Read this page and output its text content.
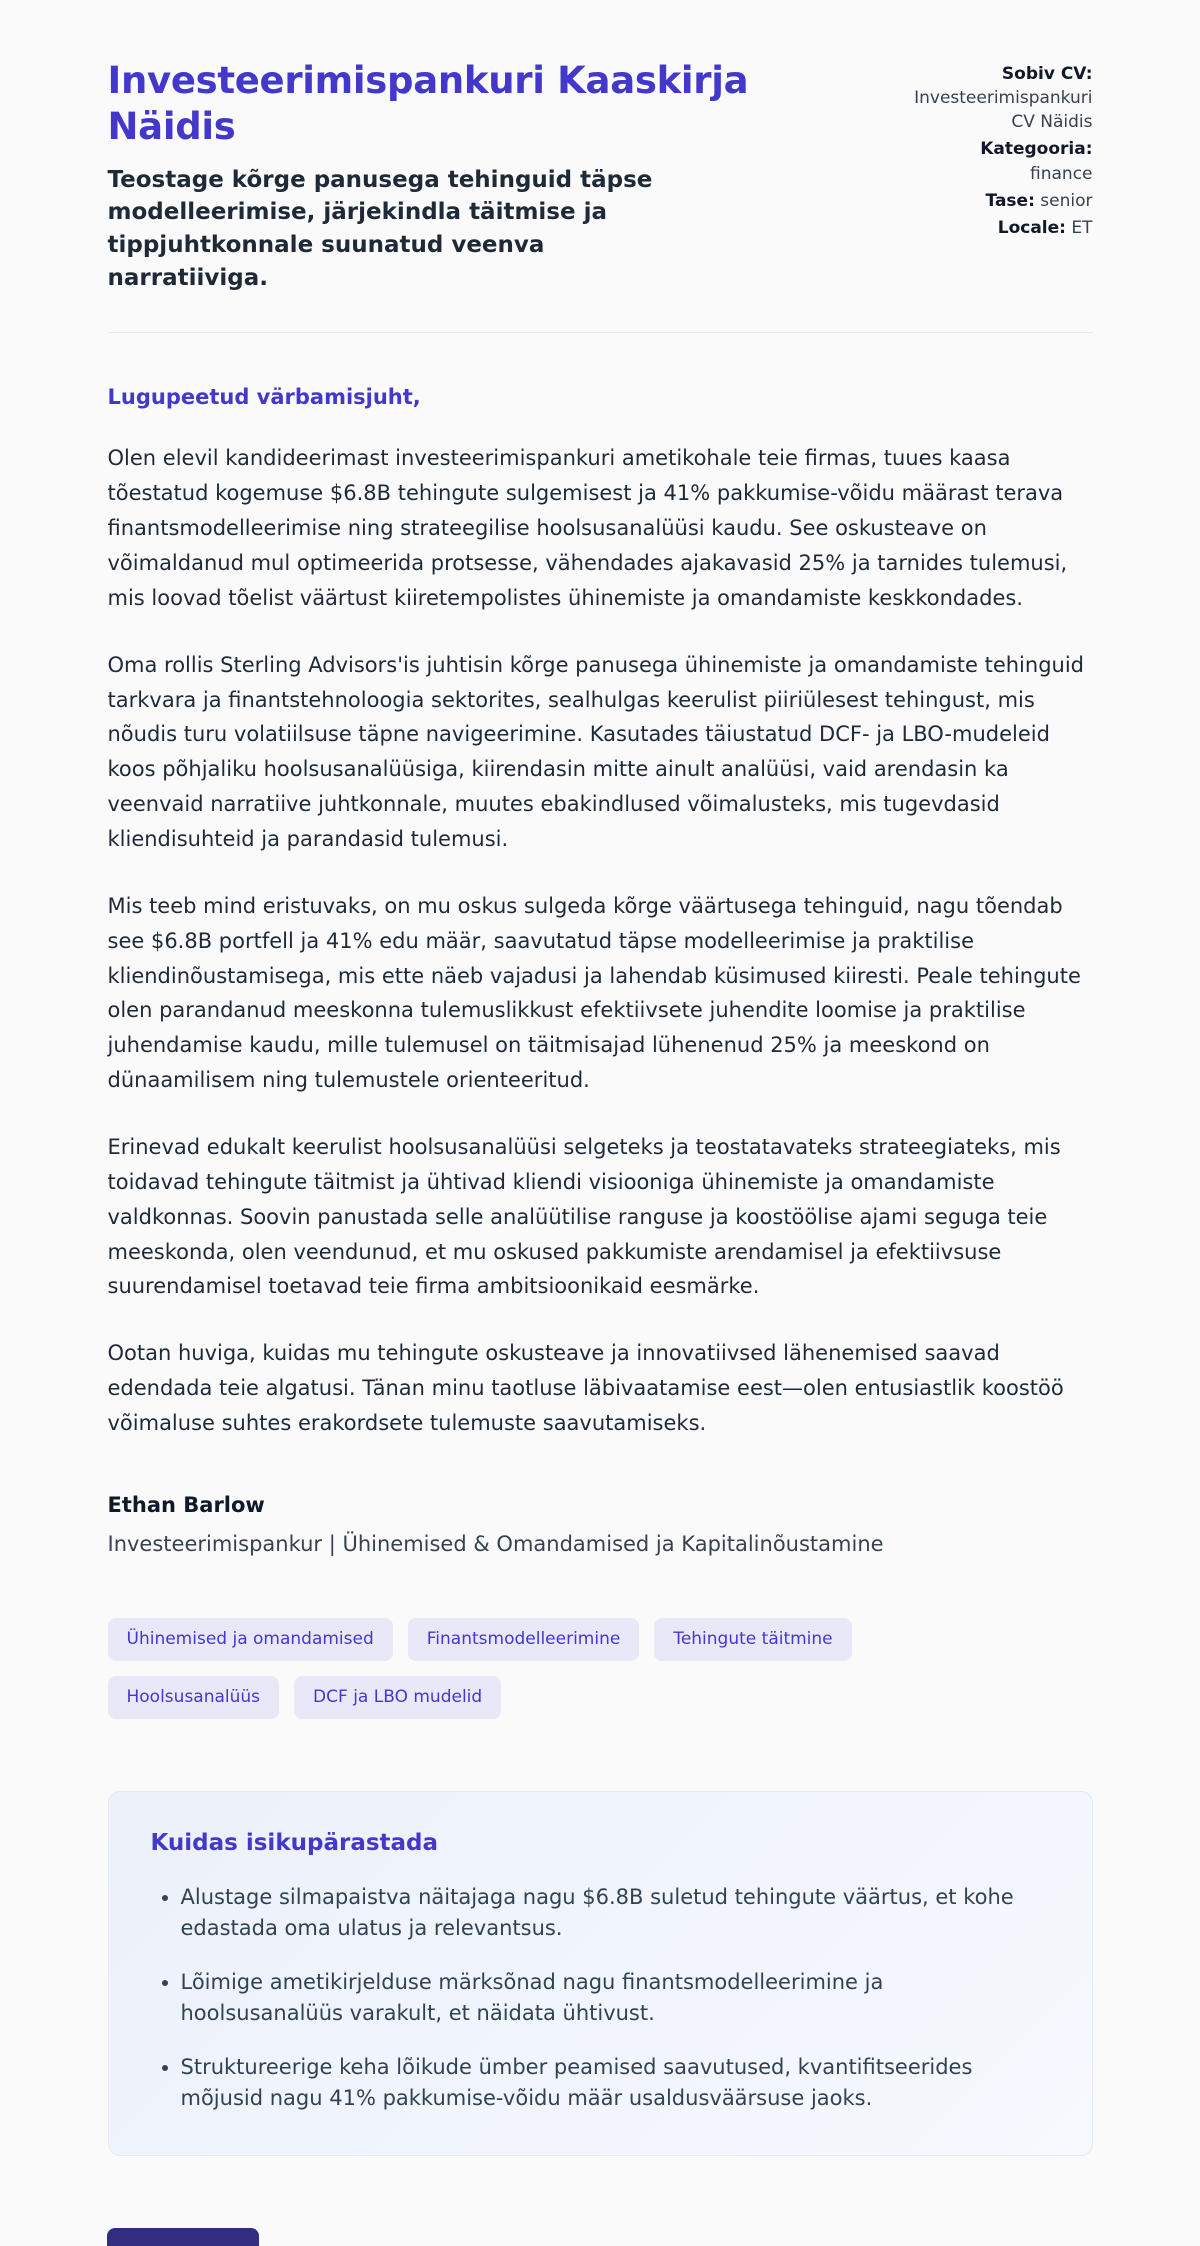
Investeerimispankuri Kaaskirja Näidis

Teostage kõrge panusega tehinguid täpse modelleerimise, järjekindla täitmise ja tippjuhtkonnale suunatud veenva narratiiviga.

Sobiv CV:
Investeerimispankuri CV Näidis
Kategooria:
finance
Tase: senior
Locale: ET
Lugupeetud värbamisjuht,

Olen elevil kandideerimast investeerimispankuri ametikohale teie firmas, tuues kaasa tõestatud kogemuse $6.8B tehingute sulgemisest ja 41% pakkumise-võidu määrast terava finantsmodelleerimise ning strateegilise hoolsusanalüüsi kaudu. See oskusteave on võimaldanud mul optimeerida protsesse, vähendades ajakavasid 25% ja tarnides tulemusi, mis loovad tõelist väärtust kiiretempolistes ühinemiste ja omandamiste keskkondades.

Oma rollis Sterling Advisors'is juhtisin kõrge panusega ühinemiste ja omandamiste tehinguid tarkvara ja finantstehnoloogia sektorites, sealhulgas keerulist piiriülesest tehingust, mis nõudis turu volatiilsuse täpne navigeerimine. Kasutades täiustatud DCF- ja LBO-mudeleid koos põhjaliku hoolsusanalüüsiga, kiirendasin mitte ainult analüüsi, vaid arendasin ka veenvaid narratiive juhtkonnale, muutes ebakindlused võimalusteks, mis tugevdasid kliendisuhteid ja parandasid tulemusi.

Mis teeb mind eristuvaks, on mu oskus sulgeda kõrge väärtusega tehinguid, nagu tõendab see $6.8B portfell ja 41% edu määr, saavutatud täpse modelleerimise ja praktilise kliendinõustamisega, mis ette näeb vajadusi ja lahendab küsimused kiiresti. Peale tehingute olen parandanud meeskonna tulemuslikkust efektiivsete juhendite loomise ja praktilise juhendamise kaudu, mille tulemusel on täitmisajad lühenenud 25% ja meeskond on dünaamilisem ning tulemustele orienteeritud.

Erinevad edukalt keerulist hoolsusanalüüsi selgeteks ja teostatavateks strateegiateks, mis toidavad tehingute täitmist ja ühtivad kliendi visiooniga ühinemiste ja omandamiste valdkonnas. Soovin panustada selle analüütilise ranguse ja koostöölise ajami seguga teie meeskonda, olen veendunud, et mu oskused pakkumiste arendamisel ja efektiivsuse suurendamisel toetavad teie firma ambitsioonikaid eesmärke.

Ootan huviga, kuidas mu tehingute oskusteave ja innovatiivsed lähenemised saavad edendada teie algatusi. Tänan minu taotluse läbivaatamise eest—olen entusiastlik koostöö võimaluse suhtes erakordsete tulemuste saavutamiseks.

Ethan Barlow
Investeerimispankur | Ühinemised & Omandamised ja Kapitalinõustamine
Ühinemised ja omandamised	Finantsmodelleerimine	Tehingute täitmine
Hoolsusanalüüs	DCF ja LBO mudelid
Kuidas isikupärastada
• Alustage silmapaistva näitajaga nagu $6.8B suletud tehingute väärtus, et kohe edastada oma ulatus ja relevantsus.
• Lõimige ametikirjelduse märksõnad nagu finantsmodelleerimine ja hoolsusanalüüs varakult, et näidata ühtivust.
• Struktureerige keha lõikude ümber peamised saavutused, kvantifitseerides mõjusid nagu 41% pakkumise-võidu määr usaldusväärsuse jaoks.
